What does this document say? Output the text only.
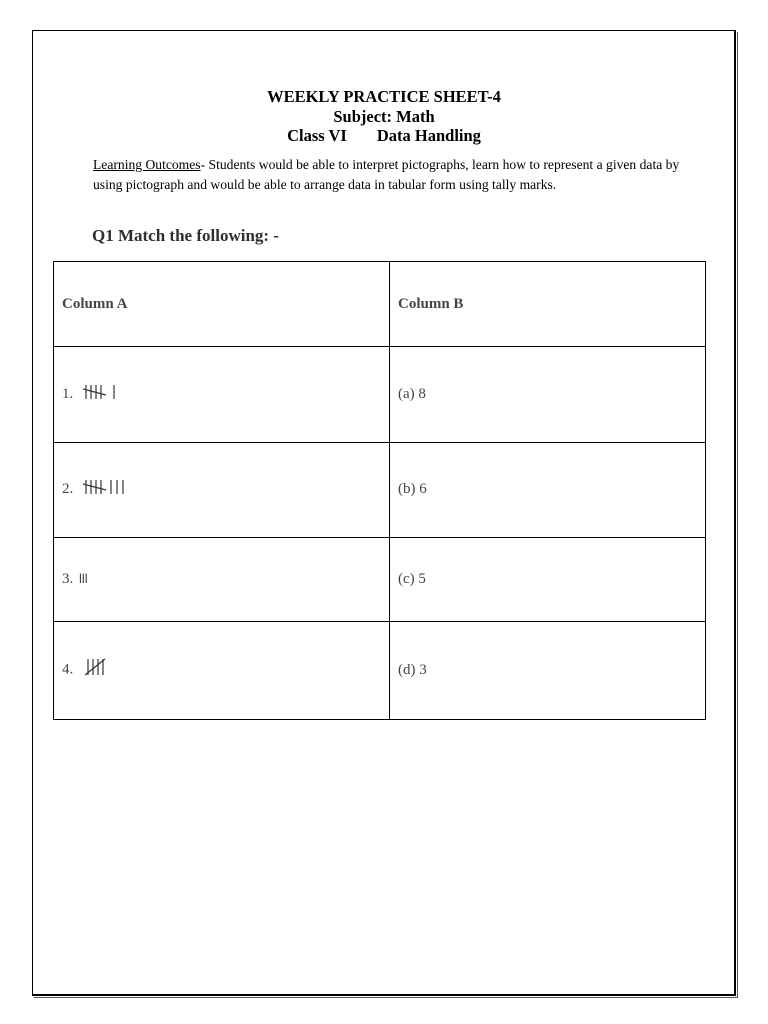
WEEKLY PRACTICE SHEET-4
Subject: Math
Class VI Data Handling
Learning Outcomes- Students would be able to interpret pictographs, learn how to represent a given data by using pictograph and would be able to arrange data in tabular form using tally marks.
Q1 Match the following: -
Column A	Column B
1.	(a) 8
2.	(b) 6
3. lll	(c) 5
4.	(d) 3
